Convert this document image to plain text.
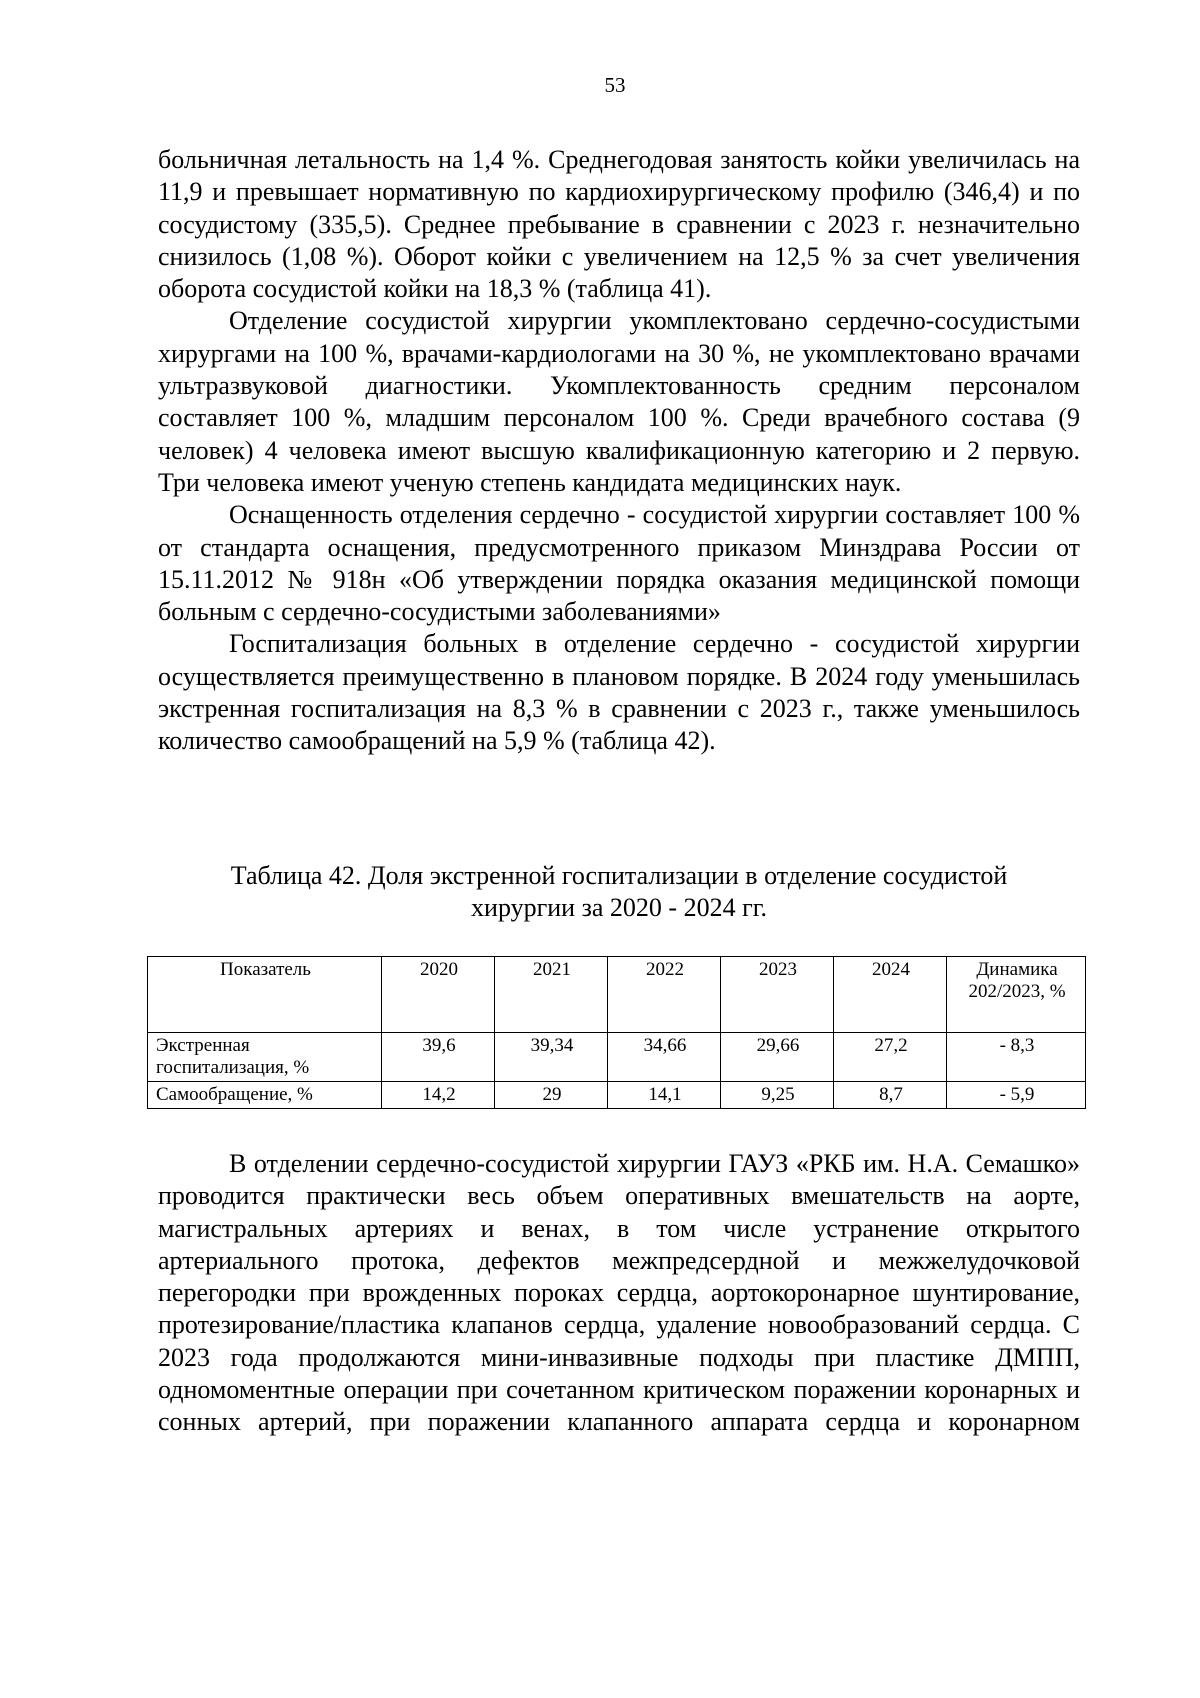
53

больничная летальность на 1,4 %. Среднегодовая занятость койки увеличилась на 11,9 и превышает нормативную по кардиохирургическому профилю (346,4) и по сосудистому (335,5). Среднее пребывание в сравнении с 2023 г. незначительно снизилось (1,08 %). Оборот койки с увеличением на 12,5 % за счет увеличения оборота сосудистой койки на 18,3 % (таблица 41).

Отделение сосудистой хирургии укомплектовано сердечно-сосудистыми хирургами на 100 %, врачами-кардиологами на 30 %, не укомплектовано врачами ультразвуковой диагностики. Укомплектованность средним персоналом составляет 100 %, младшим персоналом 100 %. Среди врачебного состава (9 человек) 4 человека имеют высшую квалификационную категорию и 2 первую. Три человека имеют ученую степень кандидата медицинских наук.

Оснащенность отделения сердечно - сосудистой хирургии составляет 100 % от стандарта оснащения, предусмотренного приказом Минздрава России от 15.11.2012 № 918н «Об утверждении порядка оказания медицинской помощи больным с сердечно-сосудистыми заболеваниями»

Госпитализация больных в отделение сердечно - сосудистой хирургии осуществляется преимущественно в плановом порядке. В 2024 году уменьшилась экстренная госпитализация на 8,3 % в сравнении с 2023 г., также уменьшилось количество самообращений на 5,9 % (таблица 42).

Таблица 42. Доля экстренной госпитализации в отделение сосудистой
хирургии за 2020 - 2024 гг.
Показатель	2020	2021	2022	2023	2024	Динамика 202/2023, %
Экстренная госпитализация, %	39,6	39,34	34,66	29,66	27,2	- 8,3
Самообращение, %	14,2	29	14,1	9,25	8,7	- 5,9

В отделении сердечно-сосудистой хирургии ГАУЗ «РКБ им. Н.А. Семашко» проводится практически весь объем оперативных вмешательств на аорте, магистральных артериях и венах, в том числе устранение открытого артериального протока, дефектов межпредсердной и межжелудочковой перегородки при врожденных пороках сердца, аортокоронарное шунтирование, протезирование/пластика клапанов сердца, удаление новообразований сердца. С 2023 года продолжаются мини-инвазивные подходы при пластике ДМПП, одномоментные операции при сочетанном критическом поражении коронарных и сонных артерий, при поражении клапанного аппарата сердца и коронарном
